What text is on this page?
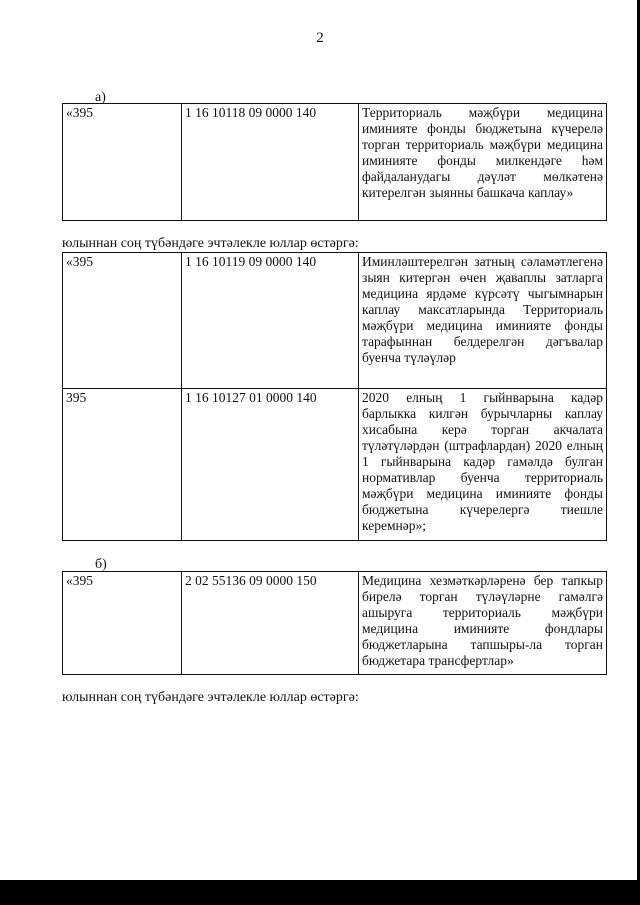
2
а)
«395	1 16 10118 09 0000 140	Территориаль мәҗбүри медицина иминияте фонды бюджетына күчерелә торган территориаль мәҗбүри медицина иминияте фонды милкендәге һәм файдаланудагы дәүләт мөлкәтенә китерелгән зыянны башкача каплау»
юлыннан соң түбәндәге эчтәлекле юллар өстәргә:
«395	1 16 10119 09 0000 140	Иминләштерелгән затның сәламәтлегенә зыян китергән өчен җаваплы затларга медицина ярдәме күрсәтү чыгымнарын каплау максатларында Территориаль мәҗбүри медицина иминияте фонды тарафыннан белдерелгән дәгъвалар буенча түләүләр
395	1 16 10127 01 0000 140	2020 елның 1 гыйнварына кадәр барлыкка килгән бурычларны каплау хисабына керә торган акчалата түләтүләрдән (штрафлардан) 2020 елның 1 гыйнварына кадәр гамәлдә булган нормативлар буенча территориаль мәҗбүри медицина иминияте фонды бюджетына күчерелергә тиешле керемнәр»;
б)
«395	2 02 55136 09 0000 150	Медицина хезмәткәрләренә бер тапкыр бирелә торган түләүләрне гамәлгә ашыруга территориаль мәҗбүри медицина иминияте фондлары бюджетларына тапшыры-ла торган бюджетара трансфертлар»
юлыннан соң түбәндәге эчтәлекле юллар өстәргә:
